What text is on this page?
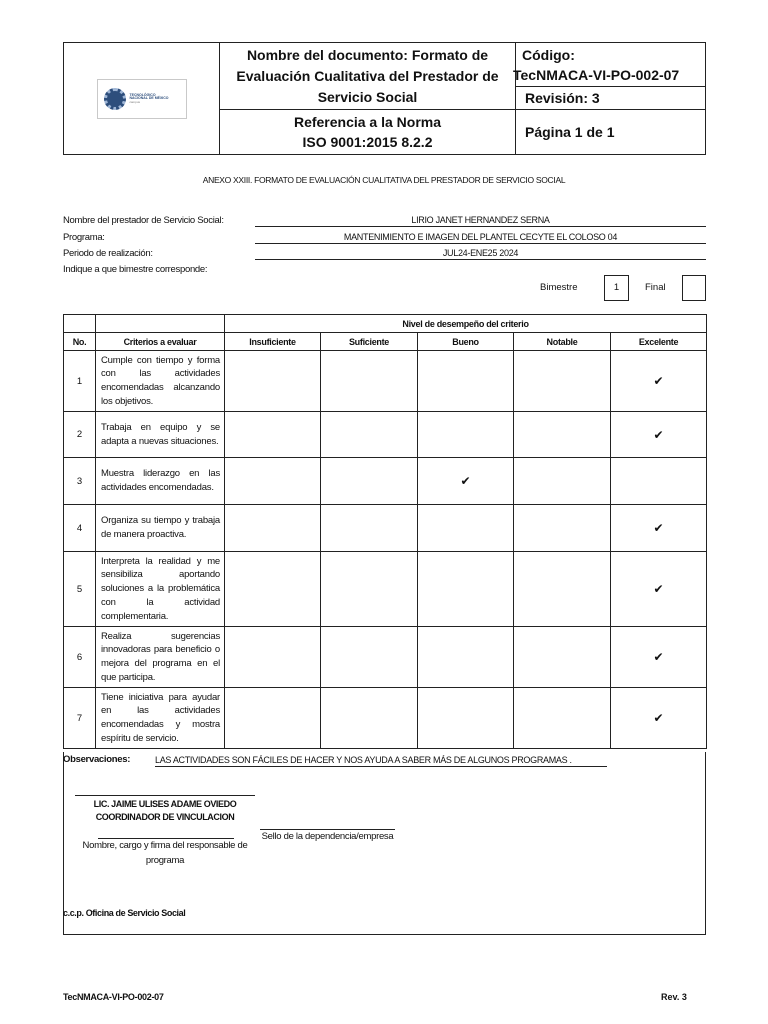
TECNOLÓGICO
NACIONAL DE MÉXICO
campus
Nombre del documento: Formato de
Evaluación Cualitativa del Prestador de
Servicio Social
Referencia a la Norma
ISO 9001:2015 8.2.2
Código:
TecNMACA-VI-PO-002-07
Revisión: 3
Página 1 de 1
ANEXO XXIII. FORMATO DE EVALUACIÓN CUALITATIVA DEL PRESTADOR DE SERVICIO SOCIAL
Nombre del prestador de Servicio Social:	LIRIO JANET HERNANDEZ SERNA
Programa:	MANTENIMIENTO E IMAGEN DEL PLANTEL CECYTE EL COLOSO 04
Periodo de realización:	JUL24-ENE25 2024
Indique a que bimestre corresponde:
Bimestre	1	Final
		Nivel de desempeño del criterio				
No.	Criterios a evaluar	Insuficiente	Suficiente	Bueno	Notable	Excelente
1	Cumple con tiempo y forma con las actividades encomendadas alcanzando los objetivos.					✔
2	Trabaja en equipo y se adapta a nuevas situaciones.					✔
3	Muestra liderazgo en las actividades encomendadas.			✔		
4	Organiza su tiempo y trabaja de manera proactiva.					✔
5	Interpreta la realidad y me sensibiliza aportando soluciones a la problemática con la actividad complementaria.					✔
6	Realiza sugerencias innovadoras para beneficio o mejora del programa en el que participa.					✔
7	Tiene iniciativa para ayudar en las actividades encomendadas y mostra espíritu de servicio.					✔
Observaciones:	LAS ACTIVIDADES SON FÁCILES DE HACER Y NOS AYUDA A SABER MÁS DE ALGUNOS PROGRAMAS .
LIC. JAIME ULISES ADAME OVIEDO
COORDINADOR DE VINCULACION
Nombre, cargo y firma del responsable de programa
Sello de la dependencia/empresa
c.c.p. Oficina de Servicio Social
TecNMACA-VI-PO-002-07	Rev. 3
